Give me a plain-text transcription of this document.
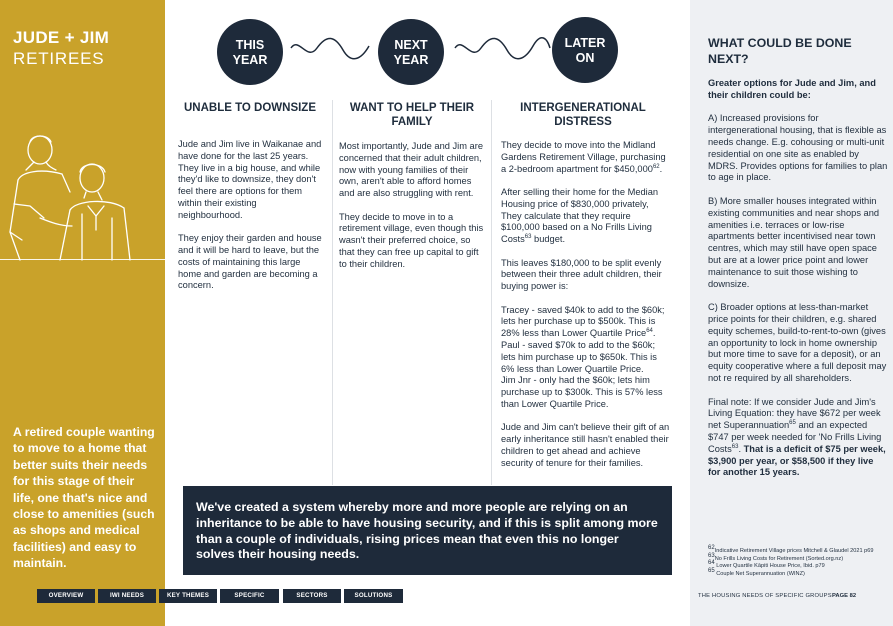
JUDE + JIM
RETIREES
A retired couple wanting to move to a home that better suits their needs for this stage of their life, one that's nice and close to amenities (such as shops and medical facilities) and easy to maintain.
THIS
YEAR
NEXT
YEAR
LATER
ON
UNABLE TO DOWNSIZE

Jude and Jim live in Waikanae and have done for the last 25 years. They live in a big house, and while they'd like to downsize, they don't feel there are options for them within their existing neighbourhood.

They enjoy their garden and house and it will be hard to leave, but the costs of maintaining this large home and garden are becoming a concern.

WANT TO HELP THEIR FAMILY

Most importantly, Jude and Jim are concerned that their adult children, now with young families of their own, aren't able to afford homes and are also struggling with rent.

They decide to move in to a retirement village, even though this wasn't their preferred choice, so that they can free up capital to gift to their children.

INTERGENERATIONAL DISTRESS

They decide to move into the Midland Gardens Retirement Village, purchasing a 2-bedroom apartment for $450,000$^{62}$.

After selling their home for the Median Housing price of $830,000 privately, They calculate that they require $100,000 based on a No Frills Living Costs$^{63}$ budget.

This leaves $180,000 to be split evenly between their three adult children, their buying power is:

Tracey - saved $40k to add to the $60k; lets her purchase up to $500k. This is 28% less than Lower Quartile Price$^{64}$.
Paul - saved $70k to add to the $60k; lets him purchase up to $650k. This is 6% less than Lower Quartile Price.
Jim Jnr - only had the $60k; lets him purchase up to $300k. This is 57% less than Lower Quartile Price.

Jude and Jim can't believe their gift of an early inheritance still hasn't enabled their children to get ahead and achieve security of tenure for their families.

We've created a system whereby more and more people are relying on an inheritance to be able to have housing security, and if this is split among more than a couple of individuals, rising prices mean that even this no longer solves their housing needs.
OVERVIEW	IWI NEEDS	KEY THEMES	SPECIFIC GROUPS
SECTORS	SOLUTIONS
WHAT COULD BE DONE NEXT?

Greater options for Jude and Jim, and their children could be:

A) Increased provisions for intergenerational housing, that is flexible as needs change. E.g. cohousing or multi-unit residential on one site as enabled by MDRS. Provides options for families to plan to age in place.

B) More smaller houses integrated within existing communities and near shops and amenities i.e. terraces or low-rise apartments better incentivised near town centres, which may still have open space but are at a lower price point and lower maintenance to suit those wishing to downsize.

C) Broader options at less-than-market price points for their children, e.g. shared equity schemes, build-to-rent-to-own (gives an opportunity to lock in home ownership but more time to save for a deposit), or an equity cooperative where a full deposit may not re required by all shareholders.

Final note: If we consider Jude and Jim's Living Equation: they have $672 per week net Superannuation$^{65}$ and an expected $747 per week needed for 'No Frills Living Costs$^{63}$. That is a deficit of $75 per week, $3,900 per year, or $58,500 if they live for another 15 years.

$^{62}$Indicative Retirement Village prices Mitchell & Glaudel 2021 p69
$^{63}$No Frills Living Costs for Retirement (Sorted.org.nz)
$^{64}$ Lower Quartile Kāpiti House Price, Ibid. p79
$^{65}$ Couple Net Superannuation (WINZ)
THE HOUSING NEEDS OF SPECIFIC GROUPS PAGE 82
